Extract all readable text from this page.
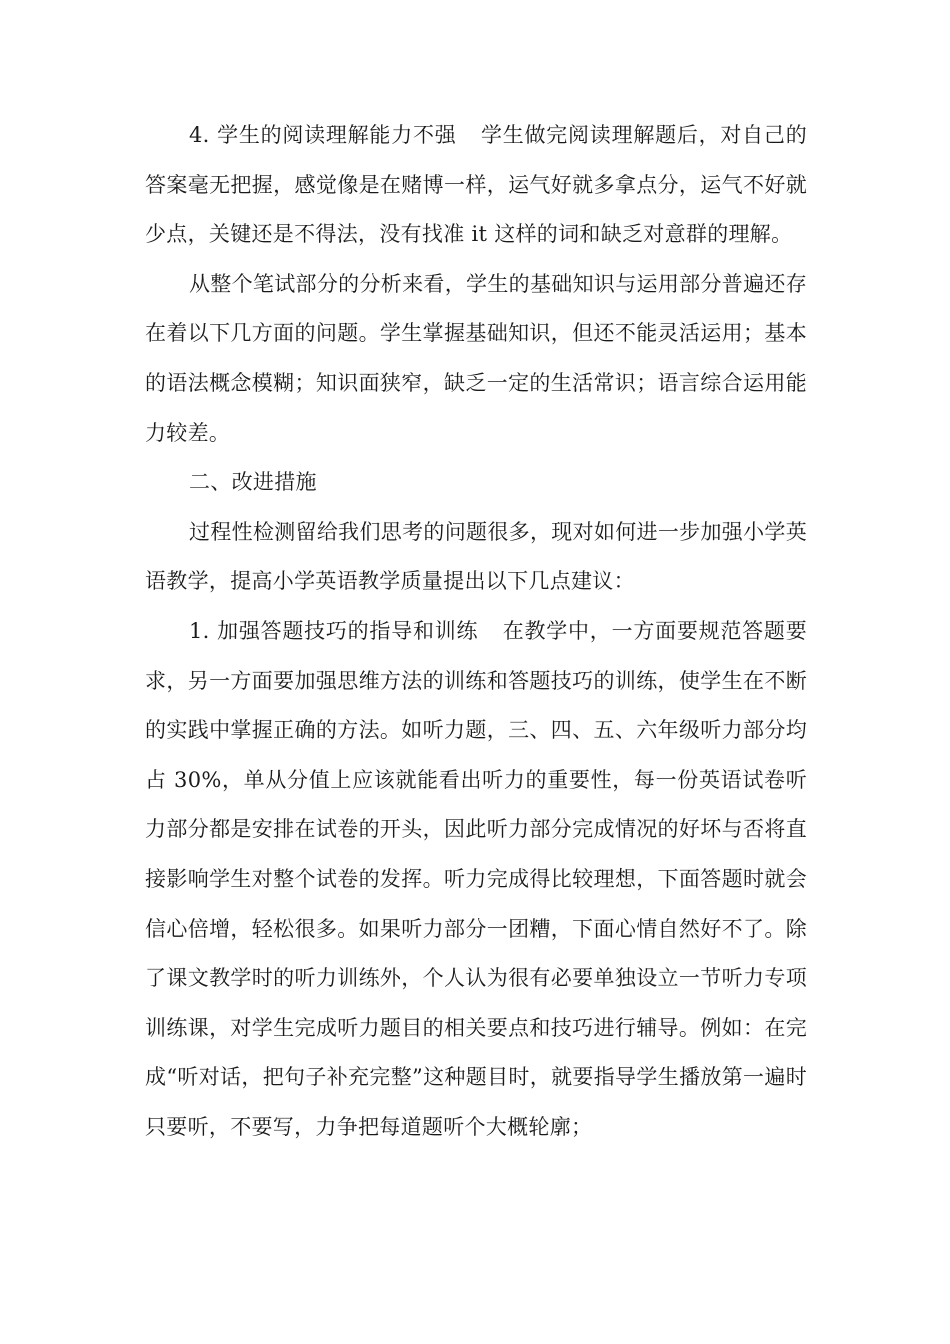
4. 学生的阅读理解能力不强 学生做完阅读理解题后，对自己的答案毫无把握，感觉像是在赌博一样，运气好就多拿点分，运气不好就少点，关键还是不得法，没有找准 it 这样的词和缺乏对意群的理解。

从整个笔试部分的分析来看，学生的基础知识与运用部分普遍还存在着以下几方面的问题。学生掌握基础知识，但还不能灵活运用；基本的语法概念模糊；知识面狭窄，缺乏一定的生活常识；语言综合运用能力较差。

二、改进措施

过程性检测留给我们思考的问题很多，现对如何进一步加强小学英语教学，提高小学英语教学质量提出以下几点建议：

1. 加强答题技巧的指导和训练 在教学中，一方面要规范答题要求，另一方面要加强思维方法的训练和答题技巧的训练，使学生在不断的实践中掌握正确的方法。如听力题，三、四、五、六年级听力部分均占 30%，单从分值上应该就能看出听力的重要性，每一份英语试卷听力部分都是安排在试卷的开头，因此听力部分完成情况的好坏与否将直接影响学生对整个试卷的发挥。听力完成得比较理想，下面答题时就会信心倍增，轻松很多。如果听力部分一团糟，下面心情自然好不了。除了课文教学时的听力训练外，个人认为很有必要单独设立一节听力专项训练课，对学生完成听力题目的相关要点和技巧进行辅导。例如：在完成“听对话，把句子补充完整”这种题目时，就要指导学生播放第一遍时只要听，不要写，力争把每道题听个大概轮廓；
